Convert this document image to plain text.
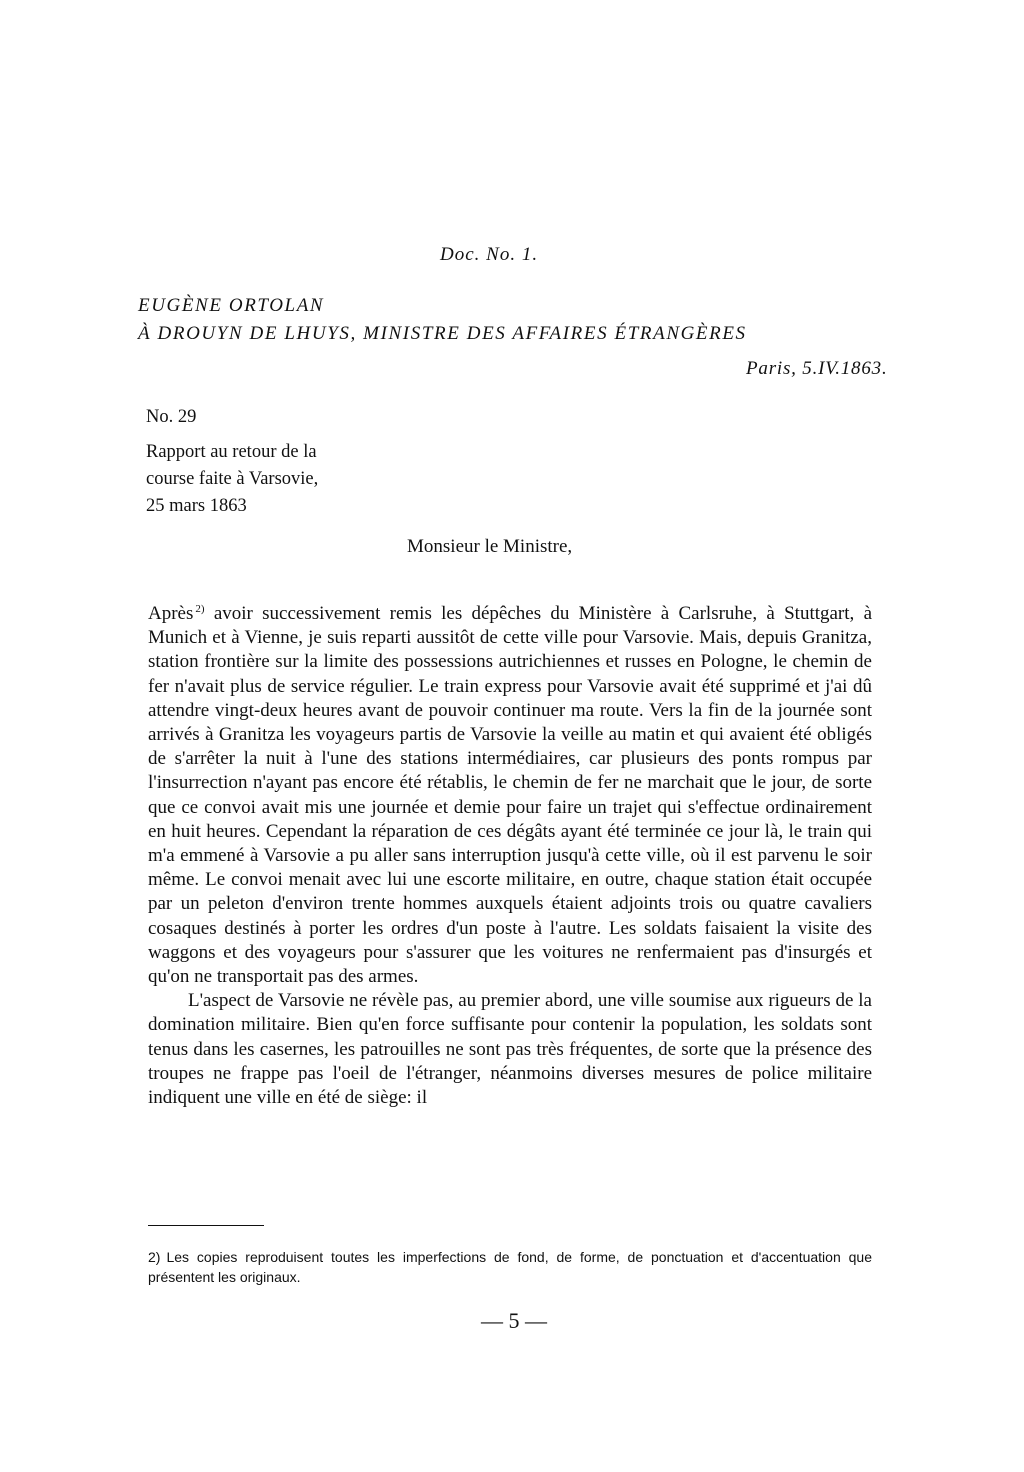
Doc. No. 1.
EUGÈNE ORTOLAN
À DROUYN DE LHUYS, MINISTRE DES AFFAIRES ÉTRANGÈRES
Paris, 5.IV.1863.
No. 29
Rapport au retour de la
course faite à Varsovie,
25 mars 1863
Monsieur le Ministre,

Après $^{2)}$ avoir successivement remis les dépêches du Ministère à Carlsruhe, à Stuttgart, à Munich et à Vienne, je suis reparti aussitôt de cette ville pour Varsovie. Mais, depuis Granitza, station frontière sur la limite des possessions autrichiennes et russes en Pologne, le chemin de fer n'avait plus de service régulier. Le train express pour Varsovie avait été supprimé et j'ai dû attendre vingt-deux heures avant de pouvoir continuer ma route. Vers la fin de la journée sont arrivés à Granitza les voyageurs partis de Varsovie la veille au matin et qui avaient été obligés de s'arrêter la nuit à l'une des stations intermédiaires, car plusieurs des ponts rompus par l'insurrection n'ayant pas encore été rétablis, le chemin de fer ne marchait que le jour, de sorte que ce convoi avait mis une journée et demie pour faire un trajet qui s'effectue ordinairement en huit heures. Cependant la réparation de ces dégâts ayant été terminée ce jour là, le train qui m'a emmené à Varsovie a pu aller sans interruption jusqu'à cette ville, où il est parvenu le soir même. Le convoi menait avec lui une escorte militaire, en outre, chaque station était occupée par un peleton d'environ trente hommes auxquels étaient adjoints trois ou quatre cavaliers cosaques destinés à porter les ordres d'un poste à l'autre. Les soldats faisaient la visite des waggons et des voyageurs pour s'assurer que les voitures ne renfermaient pas d'insurgés et qu'on ne transportait pas des armes.

L'aspect de Varsovie ne révèle pas, au premier abord, une ville soumise aux rigueurs de la domination militaire. Bien qu'en force suffisante pour contenir la population, les soldats sont tenus dans les casernes, les patrouilles ne sont pas très fréquentes, de sorte que la présence des troupes ne frappe pas l'oeil de l'étranger, néanmoins diverses mesures de police militaire indiquent une ville en été de siège: il

2) Les copies reproduisent toutes les imperfections de fond, de forme, de ponctuation et d'accentuation que présentent les originaux.
— 5 —
